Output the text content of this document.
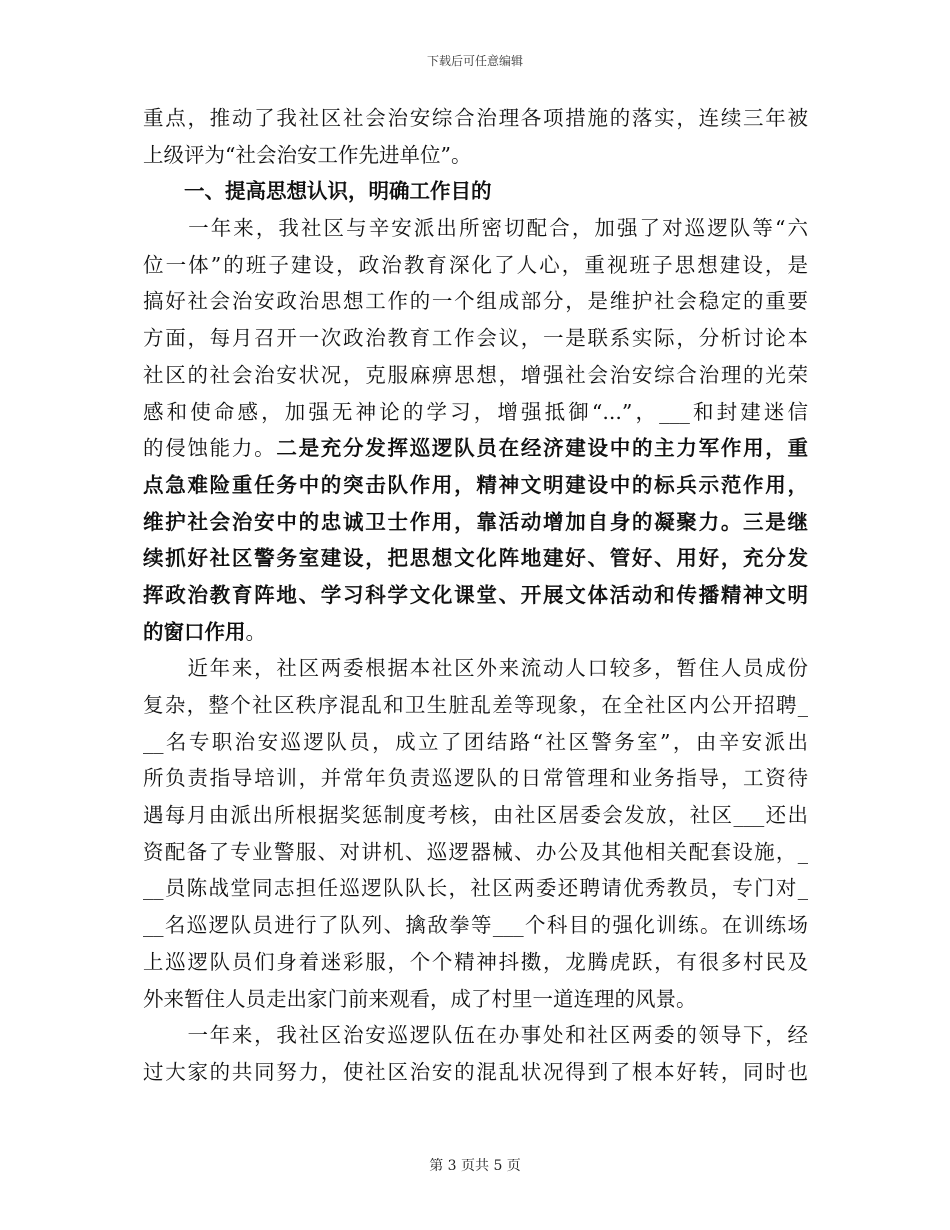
下载后可任意编辑
重点，推动了我社区社会治安综合治理各项措施的落实，连续三年被
上级评为“社会治安工作先进单位”。
　　一、提高思想认识，明确工作目的
　　一年来，我社区与辛安派出所密切配合，加强了对巡逻队等“六
位一体”的班子建设，政治教育深化了人心，重视班子思想建设，是
搞好社会治安政治思想工作的一个组成部分，是维护社会稳定的重要
方面，每月召开一次政治教育工作会议，一是联系实际，分析讨论本
社区的社会治安状况，克服麻痹思想，增强社会治安综合治理的光荣
感和使命感，加强无神论的学习，增强抵御“...”，___和封建迷信
的侵蚀能力。二是充分发挥巡逻队员在经济建设中的主力军作用，重
点急难险重任务中的突击队作用，精神文明建设中的标兵示范作用，
维护社会治安中的忠诚卫士作用，靠活动增加自身的凝聚力。三是继
续抓好社区警务室建设，把思想文化阵地建好、管好、用好，充分发
挥政治教育阵地、学习科学文化课堂、开展文体活动和传播精神文明
的窗口作用。
　　近年来，社区两委根据本社区外来流动人口较多，暂住人员成份
复杂，整个社区秩序混乱和卫生脏乱差等现象，在全社区内公开招聘_
__名专职治安巡逻队员，成立了团结路“社区警务室”，由辛安派出
所负责指导培训，并常年负责巡逻队的日常管理和业务指导，工资待
遇每月由派出所根据奖惩制度考核，由社区居委会发放，社区___还出
资配备了专业警服、对讲机、巡逻器械、办公及其他相关配套设施，_
__员陈战堂同志担任巡逻队队长，社区两委还聘请优秀教员，专门对_
__名巡逻队员进行了队列、擒敌拳等___个科目的强化训练。在训练场
上巡逻队员们身着迷彩服，个个精神抖擞，龙腾虎跃，有很多村民及
外来暂住人员走出家门前来观看，成了村里一道连理的风景。
　　一年来，我社区治安巡逻队伍在办事处和社区两委的领导下，经
过大家的共同努力，使社区治安的混乱状况得到了根本好转，同时也
第 3 页共 5 页
